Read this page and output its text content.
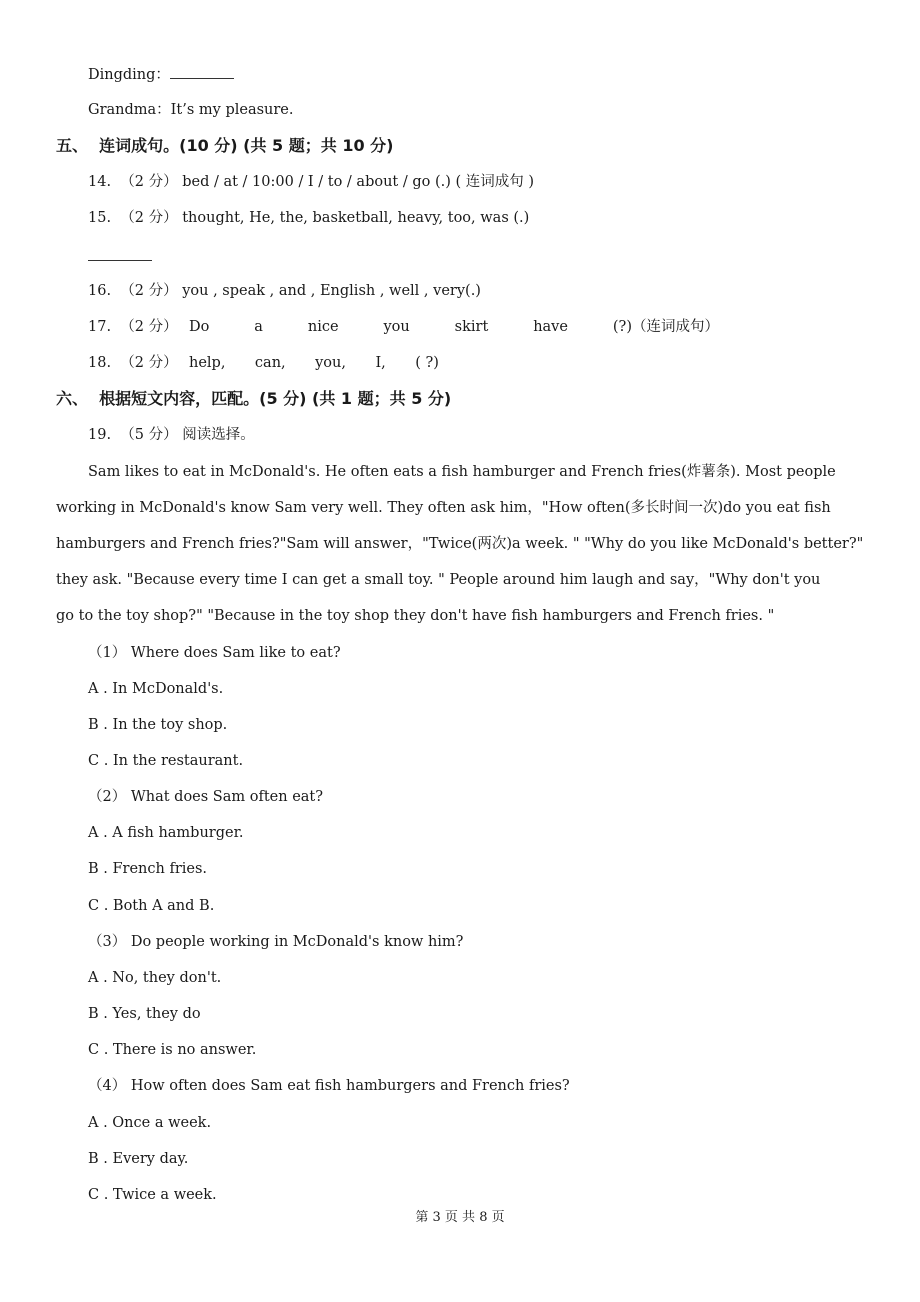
Dingding：
Grandma：It’s my pleasure.
五、  连词成句。(10 分) (共 5 题；共 10 分)
14.  （2 分） bed / at / 10:00 / I / to / about / go (.) ( 连词成句 )
15.  （2 分） thought, He, the, basketball, heavy, too, was (.)
16.  （2 分） you , speak , and , English , well , very(.)
17.  （2 分） Do	a	nice	you	skirt	have	(?)（连词成句）
18.  （2 分） help, can, you, I, ( ?)
六、  根据短文内容，匹配。(5 分) (共 1 题；共 5 分)
19.  （5 分） 阅读选择。
Sam likes to eat in McDonald's. He often eats a fish hamburger and French fries(炸薯条). Most people
working in McDonald's know Sam very well. They often ask him，"How often(多长时间一次)do you eat fish
hamburgers and French fries?"Sam will answer，"Twice(两次)a week. " "Why do you like McDonald's better?"
they ask. "Because every time I can get a small toy. " People around him laugh and say，"Why don't you
go to the toy shop?" "Because in the toy shop they don't have fish hamburgers and French fries. "
（1） Where does Sam like to eat?
A . In McDonald's.
B . In the toy shop.
C . In the restaurant.
（2） What does Sam often eat?
A . A fish hamburger.
B . French fries.
C . Both A and B.
（3） Do people working in McDonald's know him?
A . No, they don't.
B . Yes, they do
C . There is no answer.
（4） How often does Sam eat fish hamburgers and French fries?
A . Once a week.
B . Every day.
C . Twice a week.
第 3 页 共 8 页
